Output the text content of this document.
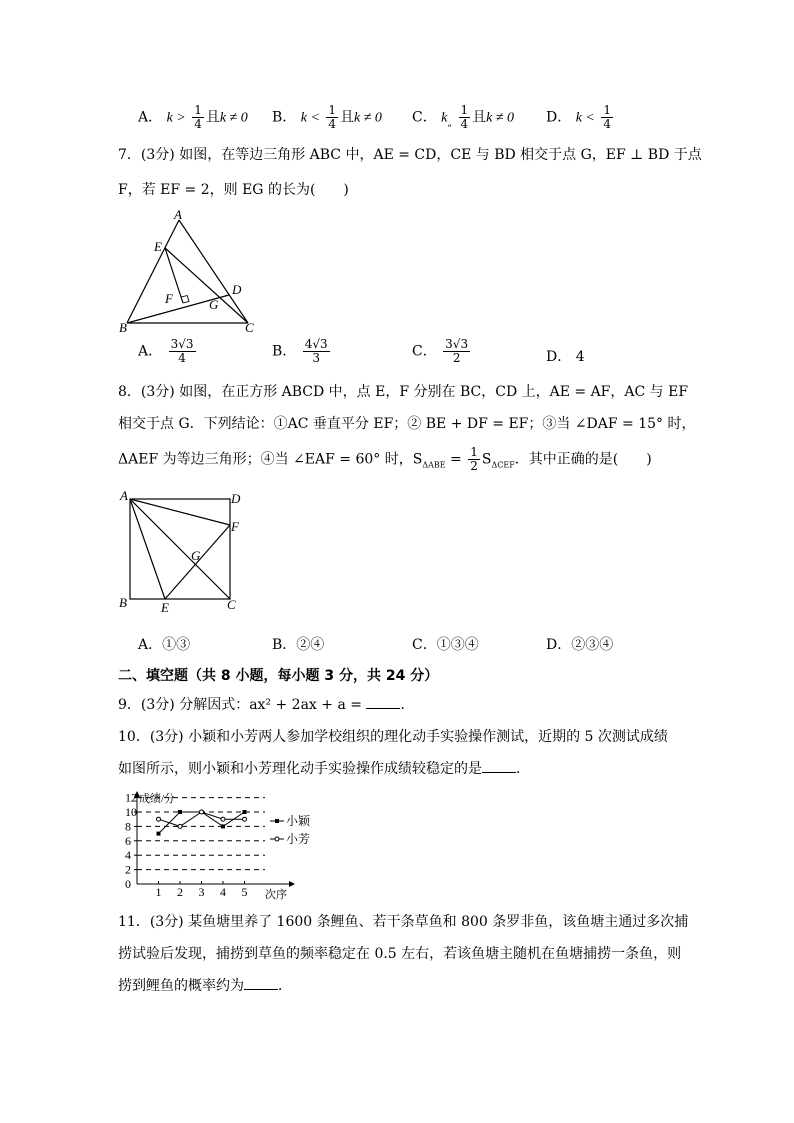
A． $k > \frac{1}{4}$ 且k ≠ 0 B． $k < \frac{1}{4}$ 且k ≠ 0 C． $k_„ \frac{1}{4}$ 且k ≠ 0 D． $k < \frac{1}{4}$
7．(3分) 如图，在等边三角形 ABC 中，AE = CD，CE 与 BD 相交于点 G，EF ⊥ BD 于点
F，若 EF = 2，则 EG 的长为(　　)
A
E
D
F	G
B	C
A． $\frac{3√3}{4}$	B． $\frac{4√3}{3}$	C． $\frac{3√3}{2}$	D． 4
8．(3分) 如图，在正方形 ABCD 中，点 E，F 分别在 BC，CD 上，AE = AF，AC 与 EF
相交于点 G．下列结论：①AC 垂直平分 EF；② BE + DF = EF；③当 ∠DAF = 15° 时，
ΔAEF 为等边三角形；④当 ∠EAF = 60° 时，$S_{\Delta ABE} = \frac{1}{2} S_{\Delta CEF}$．其中正确的是(　　)
A	D
F
G
B	E	C
A．①③	B．②④	C．①③④	D．②③④
二、填空题（共 8 小题，每小题 3 分，共 24 分）
9．(3分) 分解因式：ax² + 2ax + a = ．
10．(3分) 小颖和小芳两人参加学校组织的理化动手实验操作测试，近期的 5 次测试成绩
如图所示，则小颖和小芳理化动手实验操作成绩较稳定的是 ．
0
2
4
6
8
10
12
1 2 3 4 5
成绩/分
次序
小颖
小芳
11．(3分) 某鱼塘里养了 1600 条鲤鱼、若干条草鱼和 800 条罗非鱼，该鱼塘主通过多次捕
捞试验后发现，捕捞到草鱼的频率稳定在 0.5 左右，若该鱼塘主随机在鱼塘捕捞一条鱼，则
捞到鲤鱼的概率约为 ．
